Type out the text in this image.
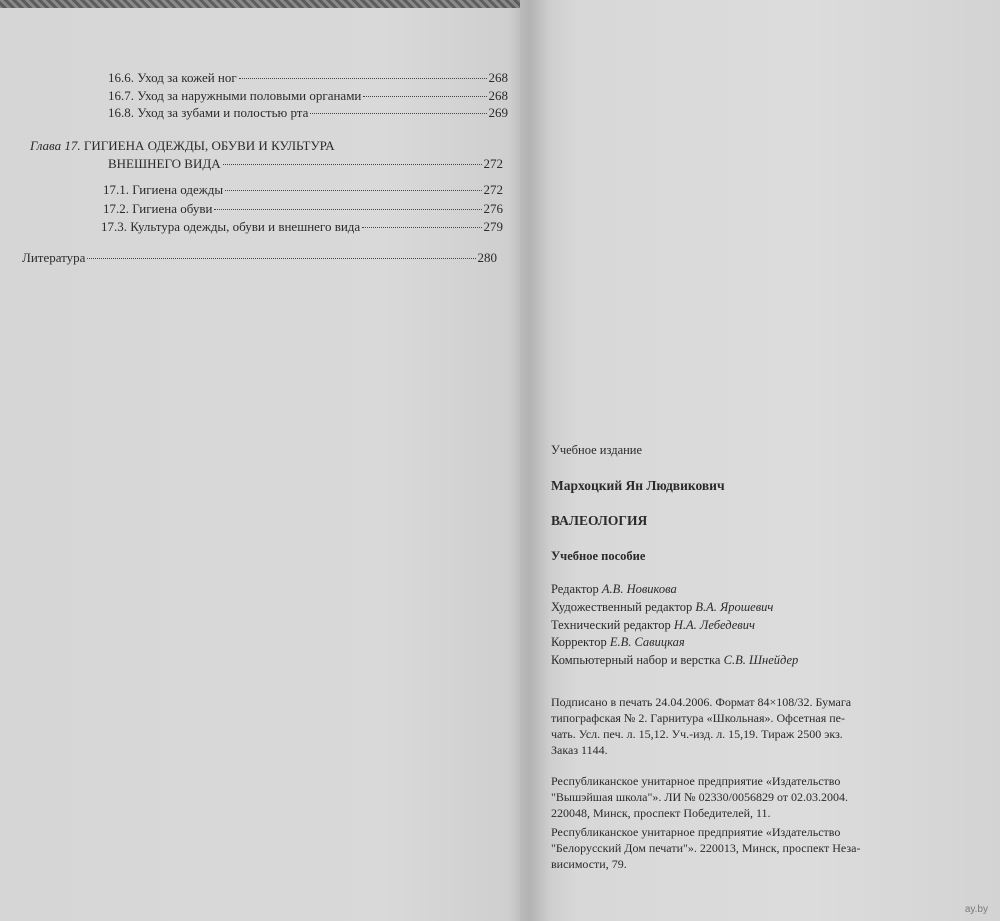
16.6. Уход за кожей ног	268
16.7. Уход за наружными половыми органами	268
16.8. Уход за зубами и полостью рта	269
Глава 17. ГИГИЕНА ОДЕЖДЫ, ОБУВИ И КУЛЬТУРА
ВНЕШНЕГО ВИДА	272
17.1. Гигиена одежды	272
17.2. Гигиена обуви	276
17.3. Культура одежды, обуви и внешнего вида	279
Литература	280
Учебное издание
Мархоцкий Ян Людвикович
ВАЛЕОЛОГИЯ
Учебное пособие
Редактор А.В. Новикова
Художественный редактор В.А. Ярошевич
Технический редактор Н.А. Лебедевич
Корректор Е.В. Савицкая
Компьютерный набор и верстка С.В. Шнейдер
Подписано в печать 24.04.2006. Формат 84×108/32. Бумага
типографская № 2. Гарнитура «Школьная». Офсетная пе-
чать. Усл. печ. л. 15,12. Уч.-изд. л. 15,19. Тираж 2500 экз.
Заказ 1144.
Республиканское унитарное предприятие «Издательство
"Вышэйшая школа"». ЛИ № 02330/0056829 от 02.03.2004.
220048, Минск, проспект Победителей, 11.
Республиканское унитарное предприятие «Издательство
"Белорусский Дом печати"». 220013, Минск, проспект Неза-
висимости, 79.
ay.by
